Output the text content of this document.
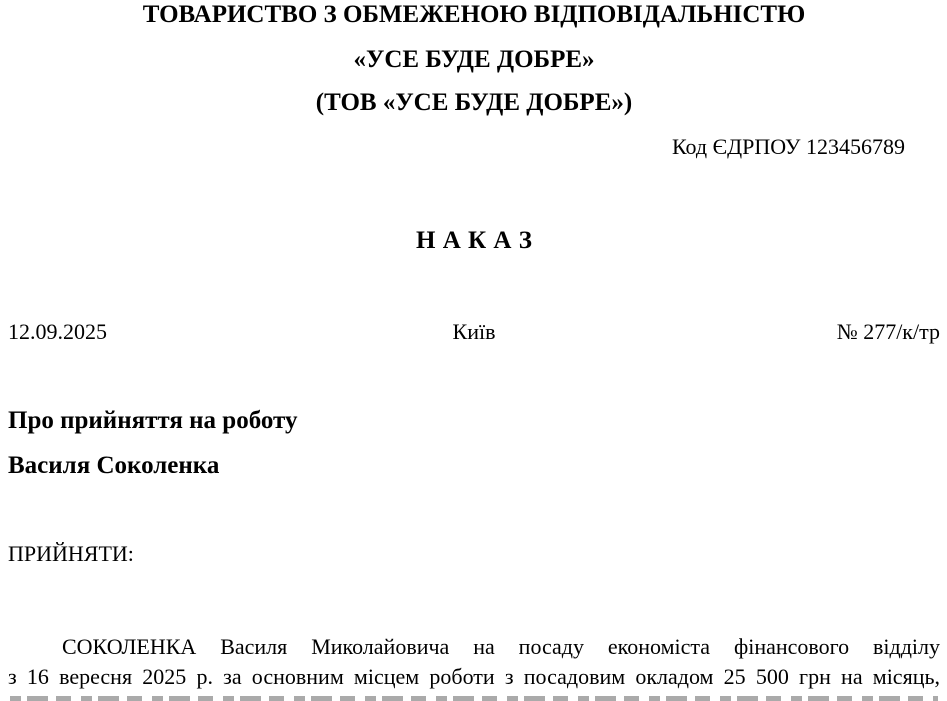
ТОВАРИСТВО З ОБМЕЖЕНОЮ ВІДПОВІДАЛЬНІСТЮ
«УСЕ БУДЕ ДОБРЕ»
(ТОВ «УСЕ БУДЕ ДОБРЕ»)
Код ЄДРПОУ 123456789
Н А К А З
12.09.2025	Київ	№ 277/к/тр
Про прийняття на роботу
Василя Соколенка
ПРИЙНЯТИ:
СОКОЛЕНКА Василя Миколайовича на посаду економіста фінансового відділу
з 16 вересня 2025 р. за основним місцем роботи з посадовим окладом 25 500 грн на місяць,
